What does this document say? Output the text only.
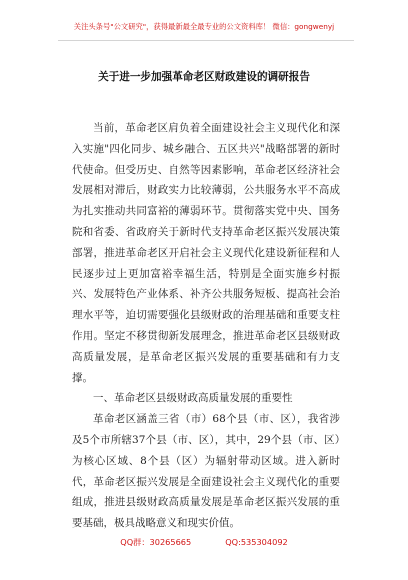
关注头条号"公文研究"，获得最新最全最专业的公文资料库！ 微信：gongwenyj
关于进一步加强革命老区财政建设的调研报告

当前，革命老区肩负着全面建设社会主义现代化和深入实施"四化同步、城乡融合、五区共兴"战略部署的新时代使命。但受历史、自然等因素影响，革命老区经济社会发展相对滞后，财政实力比较薄弱，公共服务水平不高成为扎实推动共同富裕的薄弱环节。贯彻落实党中央、国务院和省委、省政府关于新时代支持革命老区振兴发展决策部署，推进革命老区开启社会主义现代化建设新征程和人民逐步过上更加富裕幸福生活，特别是全面实施乡村振兴、发展特色产业体系、补齐公共服务短板、提高社会治理水平等，迫切需要强化县级财政的治理基础和重要支柱作用。坚定不移贯彻新发展理念，推进革命老区县级财政高质量发展，是革命老区振兴发展的重要基础和有力支撑。

一、革命老区县级财政高质量发展的重要性

革命老区涵盖三省（市）68个县（市、区），我省涉及5个市所辖37个县（市、区），其中，29个县（市、区）为核心区域、8个县（区）为辐射带动区域。进入新时代，革命老区振兴发展是全面建设社会主义现代化的重要组成，推进县级财政高质量发展是革命老区振兴发展的重要基础，极具战略意义和现实价值。

QQ群：30265665	QQ:535304092
